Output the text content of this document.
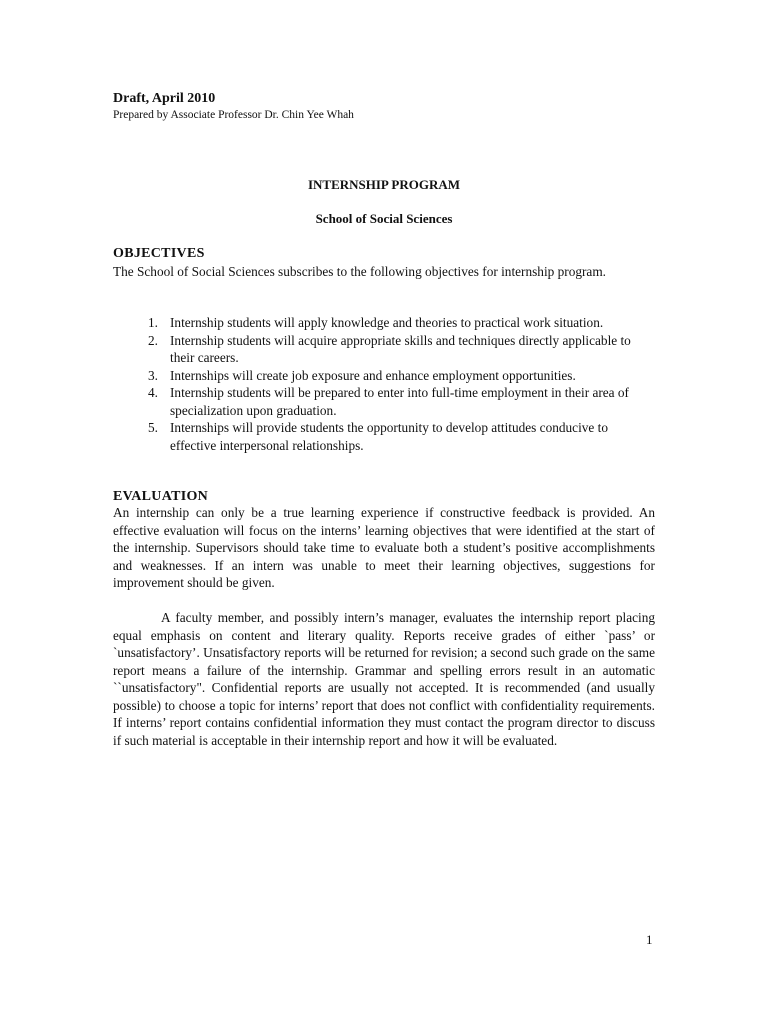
Draft, April 2010
Prepared by Associate Professor Dr. Chin Yee Whah
INTERNSHIP PROGRAM
School of Social Sciences
OBJECTIVES

The School of Social Sciences subscribes to the following objectives for internship program.

1. Internship students will apply knowledge and theories to practical work situation.
2. Internship students will acquire appropriate skills and techniques directly applicable to their careers.
3. Internships will create job exposure and enhance employment opportunities.
4. Internship students will be prepared to enter into full-time employment in their area of specialization upon graduation.
5. Internships will provide students the opportunity to develop attitudes conducive to effective interpersonal relationships.
EVALUATION

An internship can only be a true learning experience if constructive feedback is provided. An effective evaluation will focus on the interns’ learning objectives that were identified at the start of the internship. Supervisors should take time to evaluate both a student’s positive accomplishments and weaknesses. If an intern was unable to meet their learning objectives, suggestions for improvement should be given.

A faculty member, and possibly intern’s manager, evaluates the internship report placing equal emphasis on content and literary quality. Reports receive grades of either `pass’ or `unsatisfactory’. Unsatisfactory reports will be returned for revision; a second such grade on the same report means a failure of the internship. Grammar and spelling errors result in an automatic ``unsatisfactory". Confidential reports are usually not accepted. It is recommended (and usually possible) to choose a topic for interns’ report that does not conflict with confidentiality requirements. If interns’ report contains confidential information they must contact the program director to discuss if such material is acceptable in their internship report and how it will be evaluated.

1
